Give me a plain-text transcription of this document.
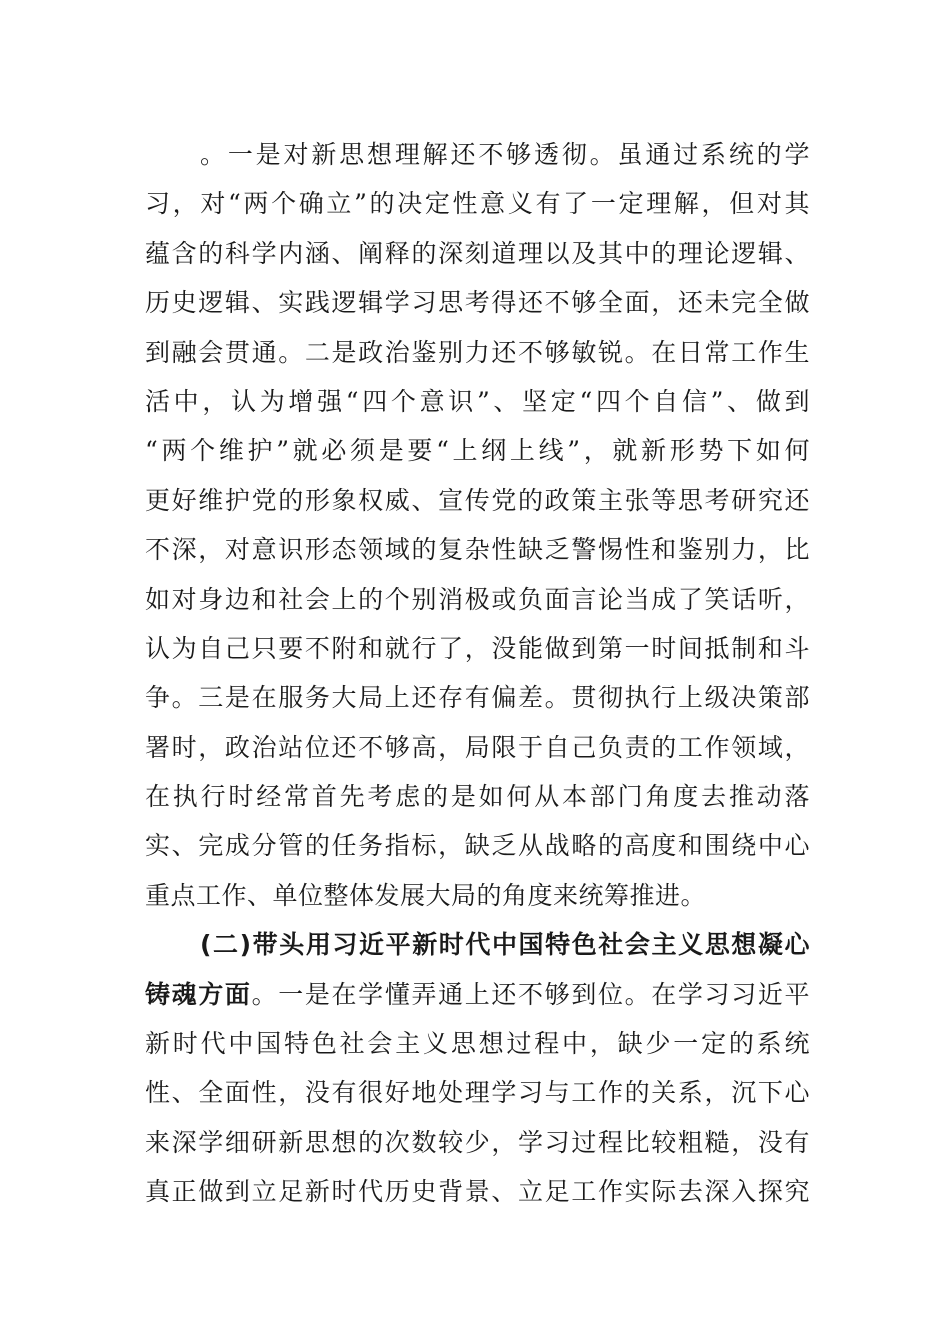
。一是对新思想理解还不够透彻。虽通过系统的学
习，对“两个确立”的决定性意义有了一定理解，但对其
蕴含的科学内涵、阐释的深刻道理以及其中的理论逻辑、
历史逻辑、实践逻辑学习思考得还不够全面，还未完全做
到融会贯通。二是政治鉴别力还不够敏锐。在日常工作生
活中，认为增强“四个意识”、坚定“四个自信”、做到
“两个维护”就必须是要“上纲上线”，就新形势下如何
更好维护党的形象权威、宣传党的政策主张等思考研究还
不深，对意识形态领域的复杂性缺乏警惕性和鉴别力，比
如对身边和社会上的个别消极或负面言论当成了笑话听，
认为自己只要不附和就行了，没能做到第一时间抵制和斗
争。三是在服务大局上还存有偏差。贯彻执行上级决策部
署时，政治站位还不够高，局限于自己负责的工作领域，
在执行时经常首先考虑的是如何从本部门角度去推动落
实、完成分管的任务指标，缺乏从战略的高度和围绕中心
重点工作、单位整体发展大局的角度来统筹推进。
(二)带头用习近平新时代中国特色社会主义思想凝心
铸魂方面。一是在学懂弄通上还不够到位。在学习习近平
新时代中国特色社会主义思想过程中，缺少一定的系统
性、全面性，没有很好地处理学习与工作的关系，沉下心
来深学细研新思想的次数较少，学习过程比较粗糙，没有
真正做到立足新时代历史背景、立足工作实际去深入探究
